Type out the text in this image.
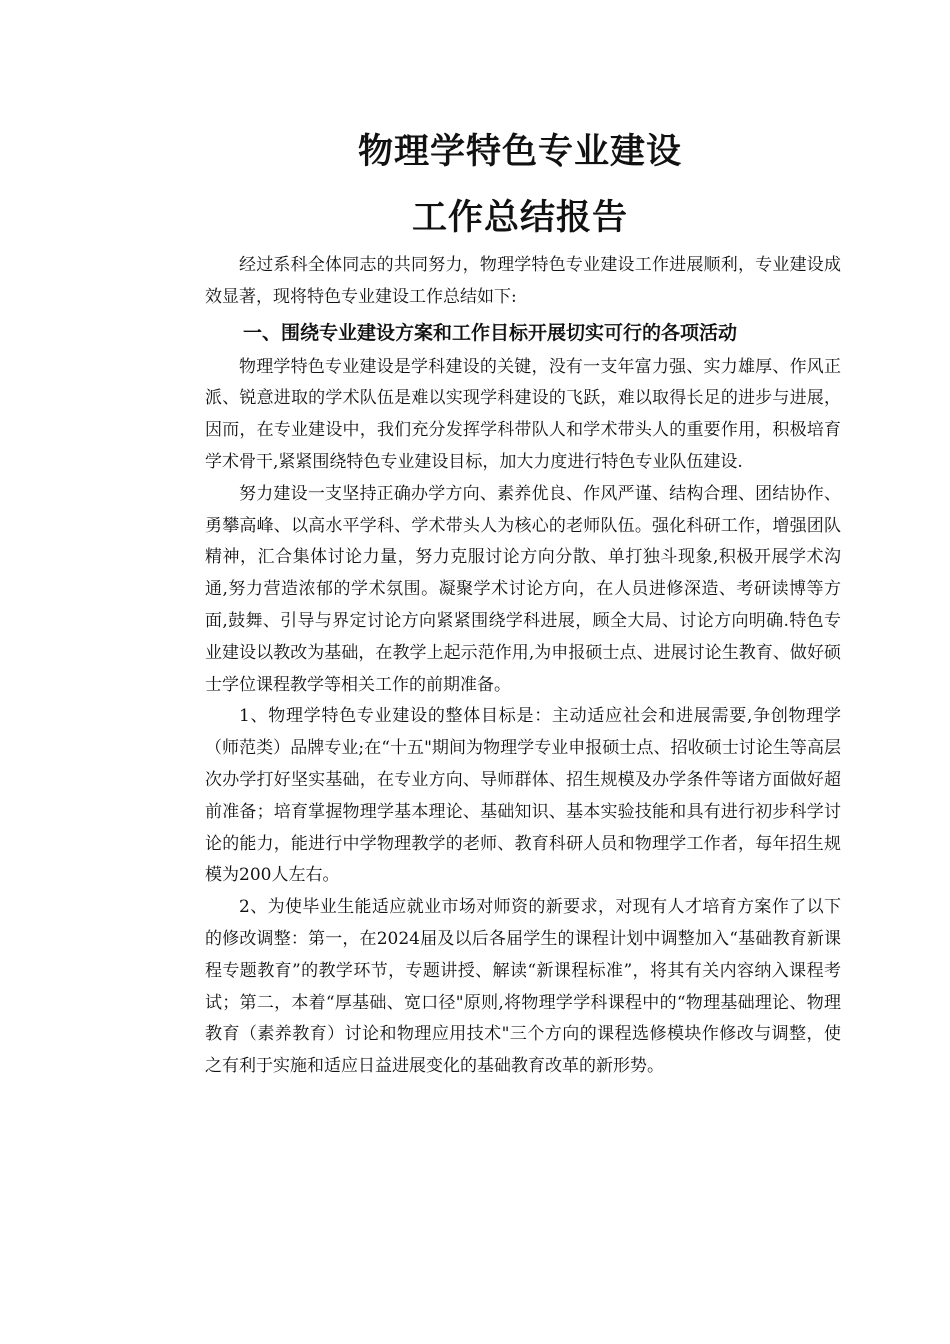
物理学特色专业建设
工作总结报告

经过系科全体同志的共同努力，物理学特色专业建设工作进展顺利，专业建设成效显著，现将特色专业建设工作总结如下:

一、围绕专业建设方案和工作目标开展切实可行的各项活动

物理学特色专业建设是学科建设的关键，没有一支年富力强、实力雄厚、作风正派、锐意进取的学术队伍是难以实现学科建设的飞跃，难以取得长足的进步与进展，因而，在专业建设中，我们充分发挥学科带队人和学术带头人的重要作用，积极培育学术骨干,紧紧围绕特色专业建设目标，加大力度进行特色专业队伍建设.

努力建设一支坚持正确办学方向、素养优良、作风严谨、结构合理、团结协作、勇攀高峰、以高水平学科、学术带头人为核心的老师队伍。强化科研工作，增强团队精神，汇合集体讨论力量，努力克服讨论方向分散、单打独斗现象,积极开展学术沟通,努力营造浓郁的学术氛围。凝聚学术讨论方向，在人员进修深造、考研读博等方面,鼓舞、引导与界定讨论方向紧紧围绕学科进展，顾全大局、讨论方向明确.特色专业建设以教改为基础，在教学上起示范作用,为申报硕士点、进展讨论生教育、做好硕士学位课程教学等相关工作的前期准备。

1、物理学特色专业建设的整体目标是：主动适应社会和进展需要,争创物理学（师范类）品牌专业;在“十五"期间为物理学专业申报硕士点、招收硕士讨论生等高层次办学打好坚实基础，在专业方向、导师群体、招生规模及办学条件等诸方面做好超前准备；培育掌握物理学基本理论、基础知识、基本实验技能和具有进行初步科学讨论的能力，能进行中学物理教学的老师、教育科研人员和物理学工作者，每年招生规模为200人左右。

2、为使毕业生能适应就业市场对师资的新要求，对现有人才培育方案作了以下的修改调整：第一，在2024届及以后各届学生的课程计划中调整加入“基础教育新课程专题教育”的教学环节，专题讲授、解读“新课程标准”，将其有关内容纳入课程考试；第二，本着“厚基础、宽口径"原则,将物理学学科课程中的“物理基础理论、物理教育（素养教育）讨论和物理应用技术"三个方向的课程选修模块作修改与调整，使之有利于实施和适应日益进展变化的基础教育改革的新形势。
